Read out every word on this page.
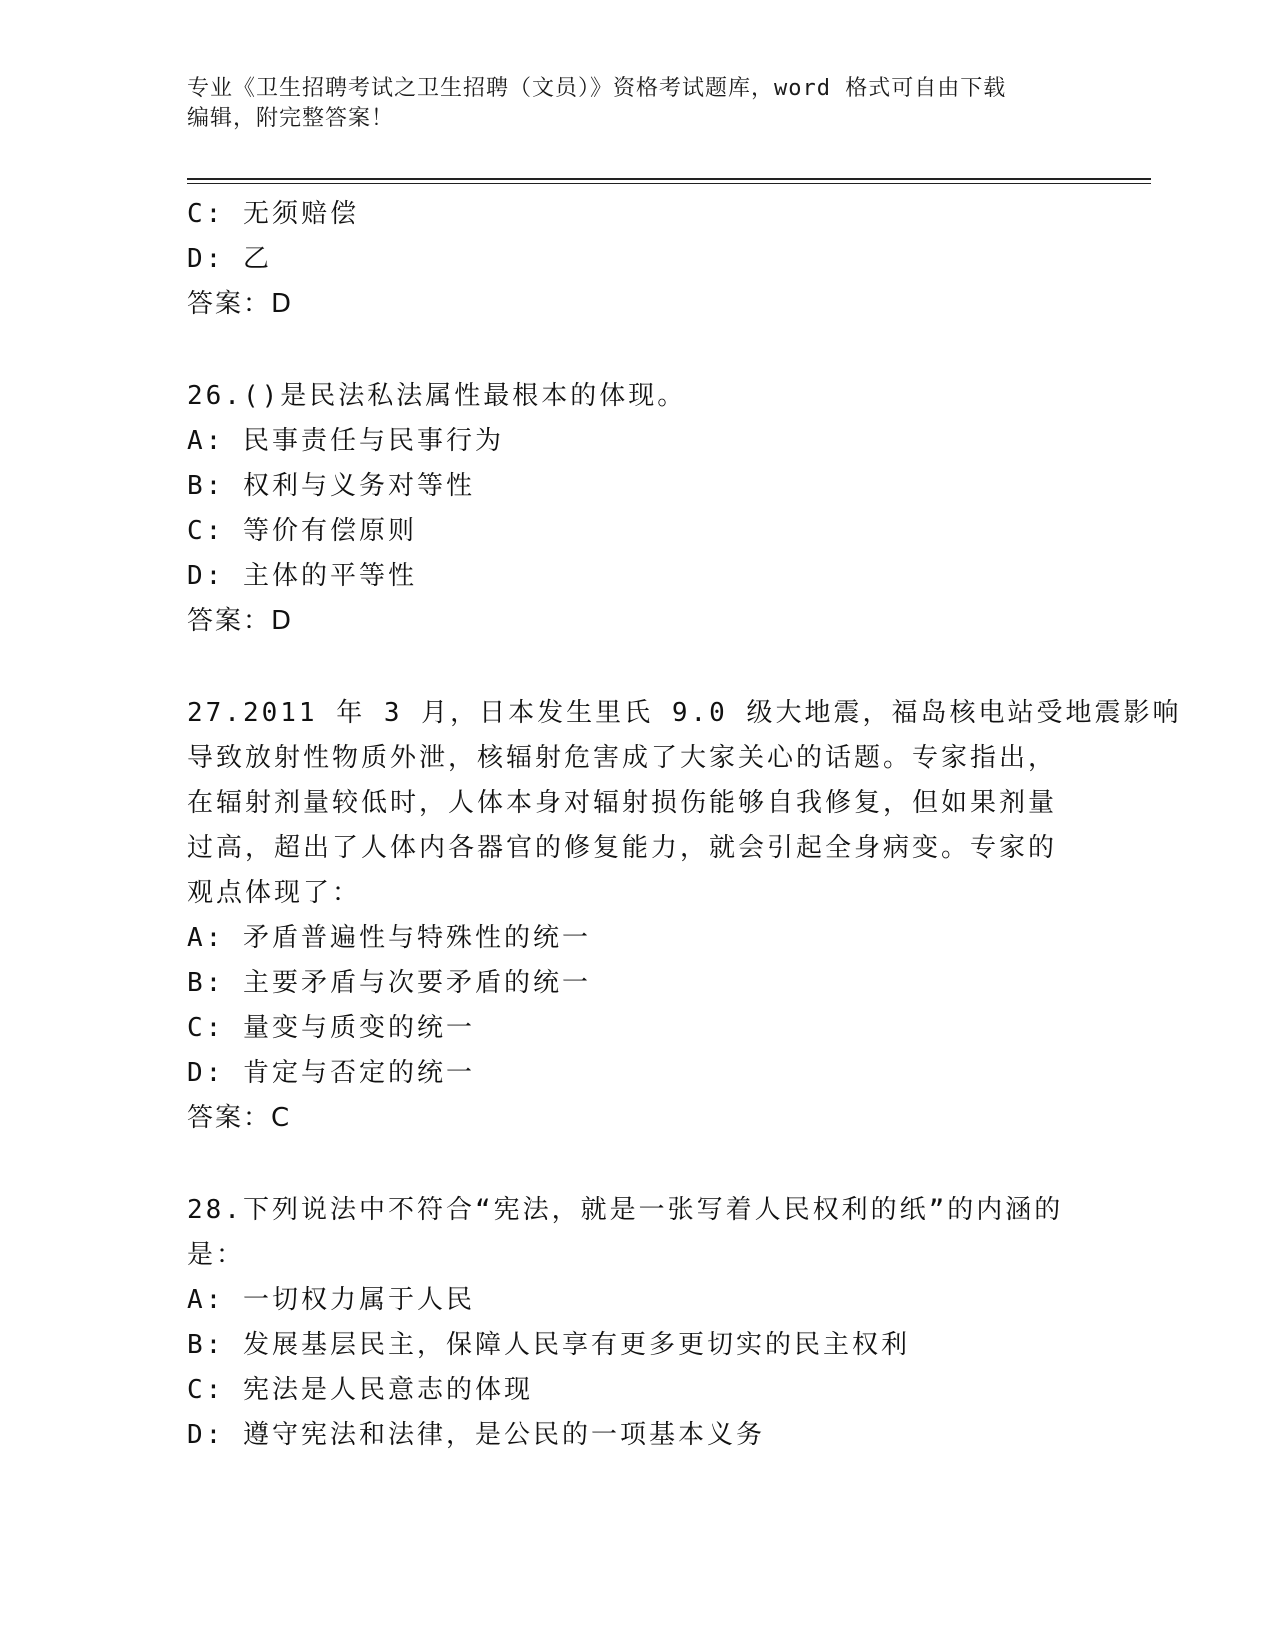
专业《卫生招聘考试之卫生招聘（文员）》资格考试题库，word 格式可自由下载
编辑，附完整答案！
C: 无须赔偿
D: 乙
答案：D
26.()是民法私法属性最根本的体现。
A: 民事责任与民事行为
B: 权利与义务对等性
C: 等价有偿原则
D: 主体的平等性
答案：D
27.2011 年 3 月，日本发生里氏 9.0 级大地震，福岛核电站受地震影响
导致放射性物质外泄，核辐射危害成了大家关心的话题。专家指出，
在辐射剂量较低时，人体本身对辐射损伤能够自我修复，但如果剂量
过高，超出了人体内各器官的修复能力，就会引起全身病变。专家的
观点体现了：
A: 矛盾普遍性与特殊性的统一
B: 主要矛盾与次要矛盾的统一
C: 量变与质变的统一
D: 肯定与否定的统一
答案：C
28.下列说法中不符合“宪法，就是一张写着人民权利的纸”的内涵的
是：
A: 一切权力属于人民
B: 发展基层民主，保障人民享有更多更切实的民主权利
C: 宪法是人民意志的体现
D: 遵守宪法和法律，是公民的一项基本义务
